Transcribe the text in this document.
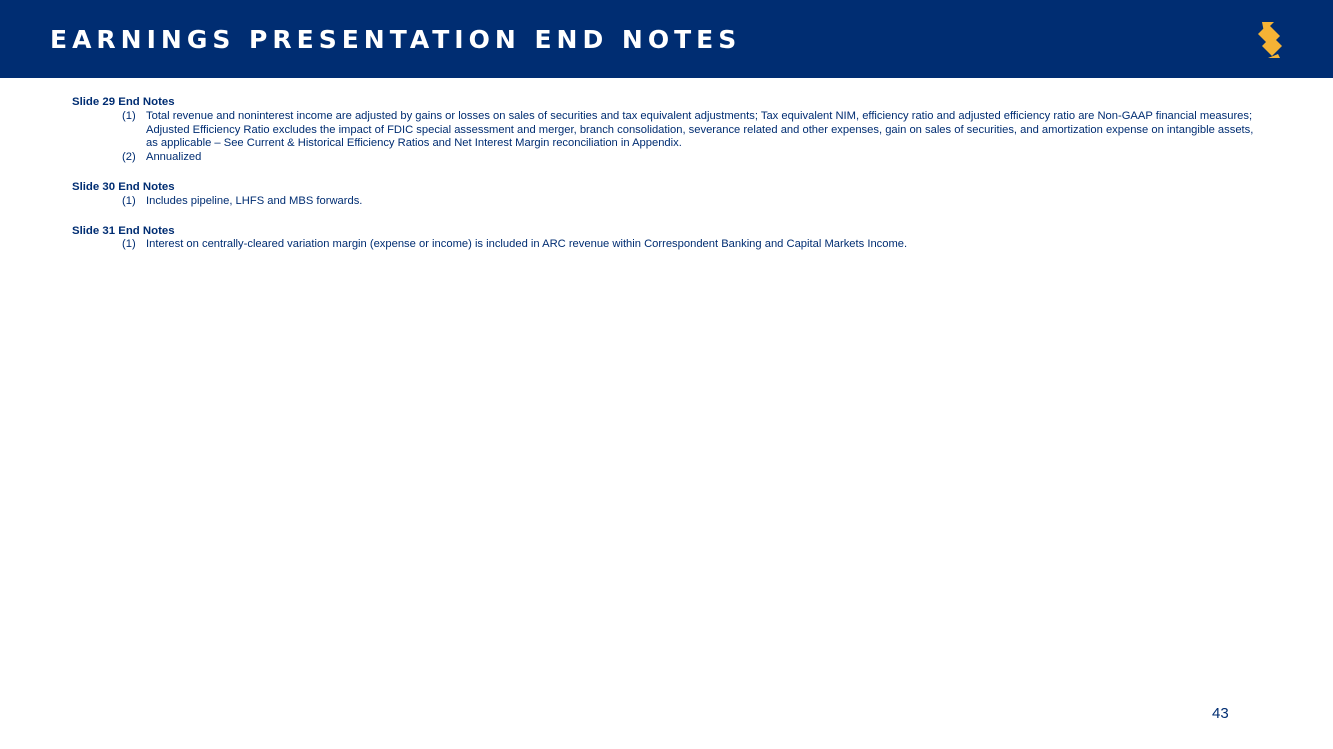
EARNINGS PRESENTATION END NOTES
Slide 29 End Notes
(1) Total revenue and noninterest income are adjusted by gains or losses on sales of securities and tax equivalent adjustments; Tax equivalent NIM, efficiency ratio and adjusted efficiency ratio are Non-GAAP financial measures; Adjusted Efficiency Ratio excludes the impact of FDIC special assessment and merger, branch consolidation, severance related and other expenses, gain on sales of securities, and amortization expense on intangible assets, as applicable – See Current & Historical Efficiency Ratios and Net Interest Margin reconciliation in Appendix.
(2) Annualized
Slide 30 End Notes
(1) Includes pipeline, LHFS and MBS forwards.
Slide 31 End Notes
(1) Interest on centrally-cleared variation margin (expense or income) is included in ARC revenue within Correspondent Banking and Capital Markets Income.
43
